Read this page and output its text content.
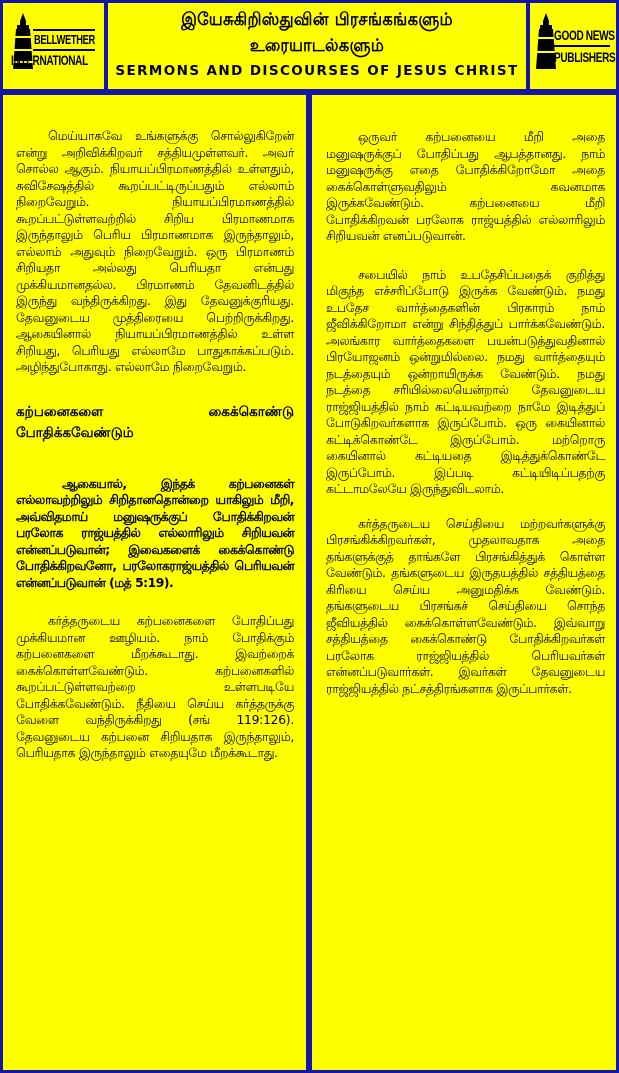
BELLWETHER
INTERNATIONAL
இயேசுகிறிஸ்துவின் பிரசங்கங்களும்
உரையாடல்களும்
SERMONS AND DISCOURSES OF JESUS CHRIST
GOOD NEWS
PUBLISHERS

மெய்யாகவே உங்களுக்கு சொல்லுகிறேன் என்று அறிவிக்கிறவர் சத்தியமுள்ளவர். அவர் சொல்ல ஆகும். நியாயப்பிரமாணத்தில் உள்ளதும், சுவிசேஷத்தில் கூறப்பட்டிருப்பதும் எல்லாம் நிறைவேறும். நியாயப்பிரமாணத்தில் கூறப்பட்டுள்ளவற்றில் சிறிய பிரமாணமாக இருந்தாலும் பெரிய பிரமாணமாக இருந்தாலும், எல்லாம் அதுவும் நிறைவேறும். ஒரு பிரமாணம் சிறியதா அல்லது பெரியதா என்பது முக்கியமானதல்ல. பிரமாணம் தேவனிடத்தில் இருந்து வந்திருக்கிறது. இது தேவனுக்குரியது. தேவனுடைய முத்திரையை பெற்றிருக்கிறது. ஆகையினால் நியாயப்பிரமாணத்தில் உள்ள சிறியது, பெரியது எல்லாமே பாதுகாக்கப்படும். அழிந்துபோகாது. எல்லாமே நிறைவேறும்.

கற்பனைகளை கைக்கொண்டு போதிக்கவேண்டும்

ஆகையால், இந்தக் கற்பனைகள் எல்லாவற்றிலும் சிறிதானதொன்றை யாகிலும் மீறி, அவ்விதமாய் மனுஷருக்குப் போதிக்கிறவன் பரலோக ராஜ்யத்தில் எல்லாரிலும் சிறியவன் என்னப்படுவான்; இவைகளைக் கைக்கொண்டு போதிக்கிறவனோ, பரலோகராஜ்யத்தில் பெரியவன் என்னப்படுவான் (மத் 5:19).

கர்த்தருடைய கற்பனைகளை போதிப்பது முக்கியமான ஊழியம். நாம் போதிக்கும் கற்பனைகளை மீறக்கூடாது. இவற்றைக் கைக்கொள்ளவேண்டும். கற்பனைகளில் கூறப்பட்டுள்ளவற்றை உள்ளபடியே போதிக்கவேண்டும். நீதியை செய்ய கர்த்தருக்கு வேளை வந்திருக்கிறது (சங் 119:126). தேவனுடைய கற்பனை சிறியதாக இருந்தாலும், பெரியதாக இருந்தாலும் எதையுமே மீறக்கூடாது.

ஒருவர் கற்பனையை மீறி அதை மனுஷருக்குப் போதிப்பது ஆபத்தானது. நாம் மனுஷருக்கு எதை போதிக்கிறோமோ அதை கைக்கொள்ளுவதிலும் கவனமாக இருக்கவேண்டும். கற்பனையை மீறி போதிக்கிறவன் பரலோக ராஜ்யத்தில் எல்லாரிலும் சிறியவன் எனப்படுவான்.

சபையில் நாம் உபதேசிப்பதைக் குறித்து மிகுந்த எச்சரிப்போடு இருக்க வேண்டும். நமது உபதேச வார்த்தைகளின் பிரகாரம் நாம் ஜீவிக்கிறோமா என்று சிந்தித்துப் பார்க்கவேண்டும். அலங்கார வார்த்தைகளை பயன்படுத்துவதினால் பிரயோஜனம் ஒன்றுமில்லை. நமது வார்த்தையும் நடத்தையும் ஒன்றாயிருக்க வேண்டும். நமது நடத்தை சரியில்லையென்றால் தேவனுடைய ராஜ்ஜியத்தில் நாம் கட்டியவற்றை நாமே இடித்துப் போடுகிறவர்களாக இருப்போம். ஒரு கையினால் கட்டிக்கொண்டே இருப்போம். மற்றொரு கையினால் கட்டியதை இடித்துக்கொண்டே இருப்போம். இப்படி கட்டியிடிப்பதற்கு கட்டாமலேயே இருந்துவிடலாம்.

கர்த்தருடைய செய்தியை மற்றவர்களுக்கு பிரசங்கிக்கிறவர்கள், முதலாவதாக அதை தங்களுக்குத் தாங்களே பிரசங்கித்துக் கொள்ள வேண்டும். தங்களுடைய இருதயத்தில் சத்தியத்தை கிரியை செய்ய அனுமதிக்க வேண்டும். தங்களுடைய பிரசங்கச் செய்தியை சொந்த ஜீவியத்தில் கைக்கொள்ளவேண்டும். இவ்வாறு சத்தியத்தை கைக்கொண்டு போதிக்கிறவர்கள் பரலோக ராஜ்ஜியத்தில் பெரியவர்கள் என்னப்படுவார்கள். இவர்கள் தேவனுடைய ராஜ்ஜியத்தில் நட்சத்திரங்களாக இருப்பார்கள்.
